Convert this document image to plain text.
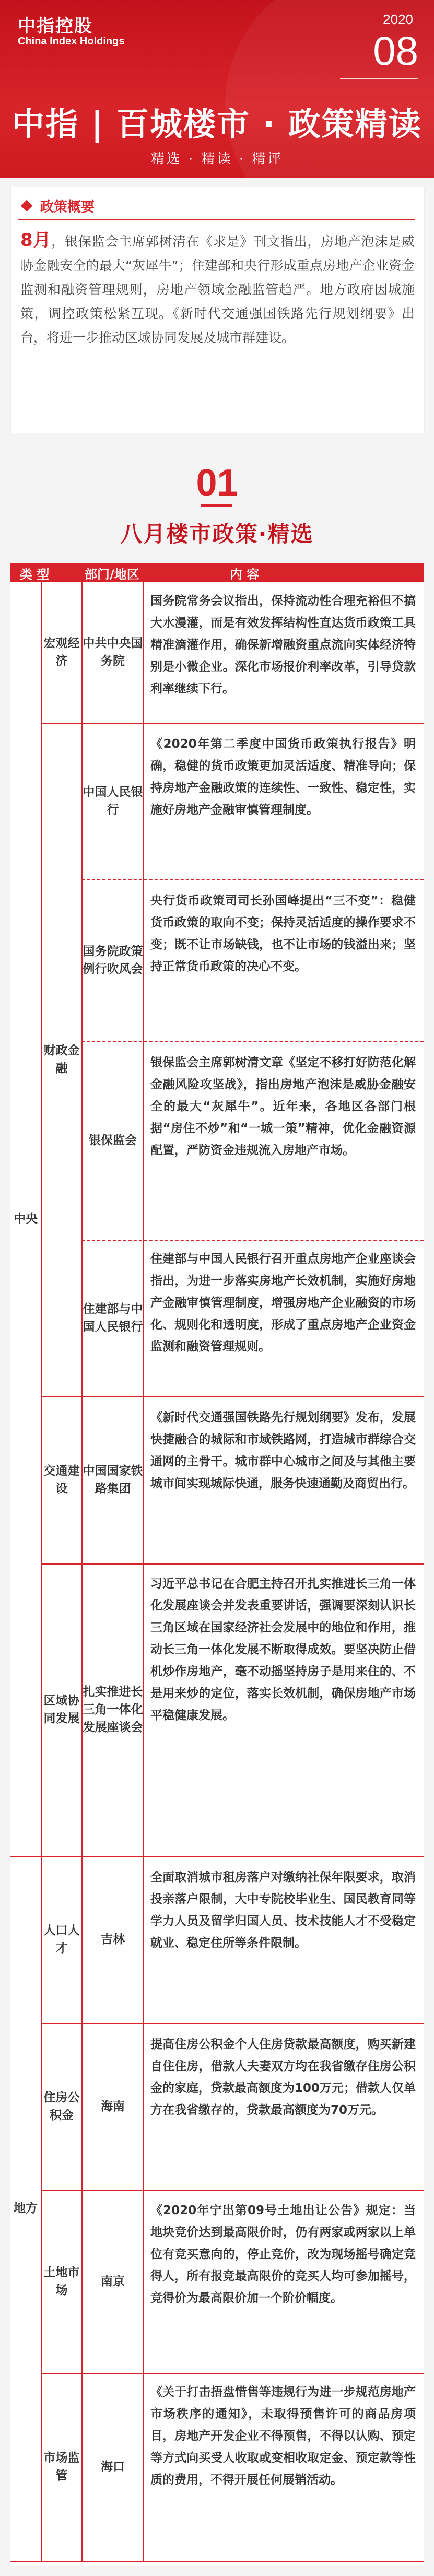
中指控股
China Index Holdings
2020
08
中指 | 百城楼市 · 政策精读
精选 · 精读 · 精评
政策概要
8月，银保监会主席郭树清在《求是》刊文指出，房地产泡沫是威胁金融安全的最大“灰犀牛”；住建部和央行形成重点房地产企业资金监测和融资管理规则，房地产领域金融监管趋严。地方政府因城施策，调控政策松紧互现。《新时代交通强国铁路先行规划纲要》出台，将进一步推动区域协同发展及城市群建设。
01
八月楼市政策·精选
类 型	部门/地区	内 容
中央
地方
宏观经济
财政金融
交通建设
区域协同发展
人口人才
住房公积金
土地市场
市场监管
中共中央国务院
国务院常务会议指出，保持流动性合理充裕但不搞大水漫灌，而是有效发挥结构性直达货币政策工具精准滴灌作用，确保新增融资重点流向实体经济特别是小微企业。深化市场报价利率改革，引导贷款利率继续下行。
中国人民银行
《2020年第二季度中国货币政策执行报告》明确，稳健的货币政策更加灵活适度、精准导向；保持房地产金融政策的连续性、一致性、稳定性，实施好房地产金融审慎管理制度。
国务院政策例行吹风会
央行货币政策司司长孙国峰提出“三不变”：稳健货币政策的取向不变；保持灵活适度的操作要求不变；既不让市场缺钱，也不让市场的钱溢出来；坚持正常货币政策的决心不变。
银保监会
银保监会主席郭树清文章《坚定不移打好防范化解金融风险攻坚战》，指出房地产泡沫是威胁金融安全的最大“灰犀牛”。近年来，各地区各部门根据“房住不炒”和“一城一策”精神，优化金融资源配置，严防资金违规流入房地产市场。
住建部与中国人民银行
住建部与中国人民银行召开重点房地产企业座谈会指出，为进一步落实房地产长效机制，实施好房地产金融审慎管理制度，增强房地产企业融资的市场化、规则化和透明度，形成了重点房地产企业资金监测和融资管理规则。
中国国家铁路集团
《新时代交通强国铁路先行规划纲要》发布，发展快捷融合的城际和市域铁路网，打造城市群综合交通网的主骨干。城市群中心城市之间及与其他主要城市间实现城际快通，服务快速通勤及商贸出行。
扎实推进长三角一体化发展座谈会
习近平总书记在合肥主持召开扎实推进长三角一体化发展座谈会并发表重要讲话，强调要深刻认识长三角区域在国家经济社会发展中的地位和作用，推动长三角一体化发展不断取得成效。要坚决防止借机炒作房地产，毫不动摇坚持房子是用来住的、不是用来炒的定位，落实长效机制，确保房地产市场平稳健康发展。
吉林
全面取消城市租房落户对缴纳社保年限要求，取消投亲落户限制，大中专院校毕业生、国民教育同等学力人员及留学归国人员、技术技能人才不受稳定就业、稳定住所等条件限制。
海南
提高住房公积金个人住房贷款最高额度，购买新建自住住房，借款人夫妻双方均在我省缴存住房公积金的家庭，贷款最高额度为100万元；借款人仅单方在我省缴存的，贷款最高额度为70万元。
南京
《2020年宁出第09号土地出让公告》规定：当地块竞价达到最高限价时，仍有两家或两家以上单位有竞买意向的，停止竞价，改为现场摇号确定竞得人，所有报竞最高限价的竞买人均可参加摇号，竞得价为最高限价加一个阶价幅度。
海口
《关于打击捂盘惜售等违规行为进一步规范房地产市场秩序的通知》，未取得预售许可的商品房项目，房地产开发企业不得预售，不得以认购、预定等方式向买受人收取或变相收取定金、预定款等性质的费用，不得开展任何展销活动。
